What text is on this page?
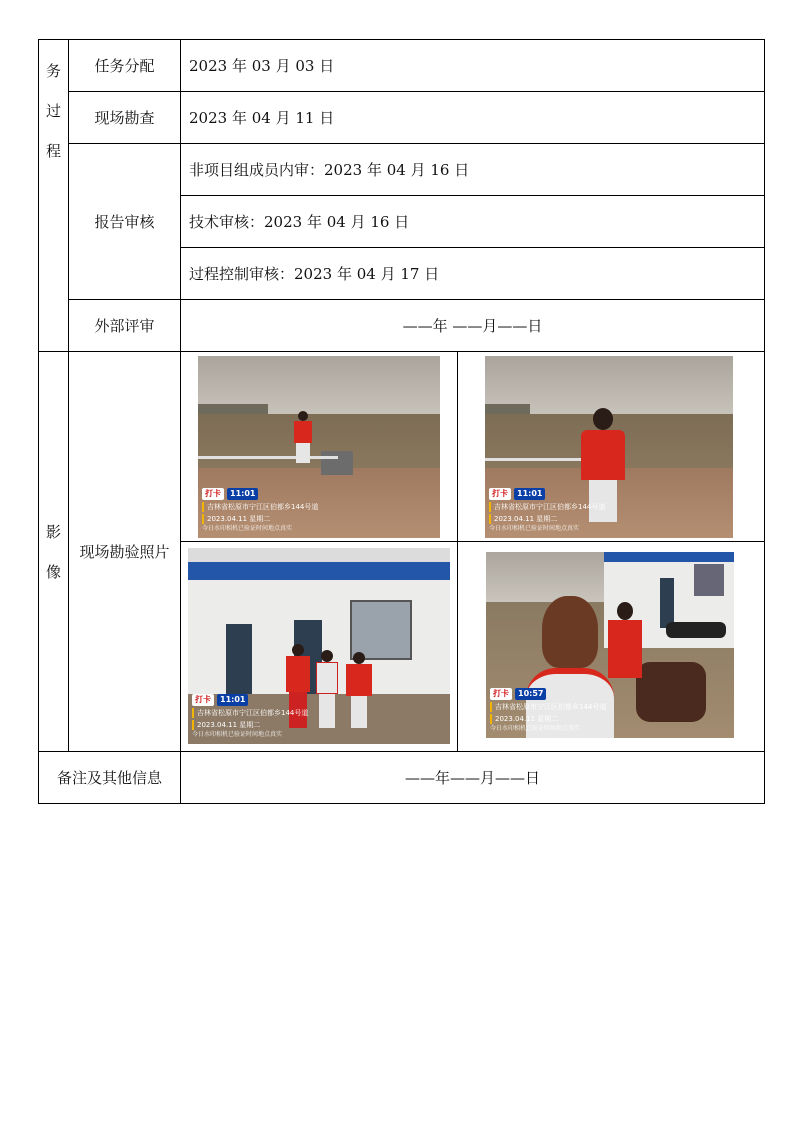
务
过
程	任务分配	2023 年 03 月 03 日	
	现场勘查	2023 年 04 月 11 日	
	报告审核	非项目组成员内审：2023 年 04 月 16 日	
		技术审核：2023 年 04 月 16 日	
		过程控制审核：2023 年 04 月 17 日	
	外部评审	——年 ——月——日	

影
像	现场勘验照片	打卡 11:01
吉林省松原市宁江区伯都乡144号道
2023.04.11 星期二
今日水印相机已验证时间地点真实	打卡 11:01
吉林省松原市宁江区伯都乡144号道
2023.04.11 星期二
今日水印相机已验证时间地点真实

		打卡 11:01
吉林省松原市宁江区伯都乡144号道
2023.04.11 星期二
今日水印相机已验证时间地点真实	打卡 10:57
吉林省松原市宁江区伯都乡144号道
2023.04.11 星期二
今日水印相机已验证时间地点真实

备注及其他信息		——年——月——日	
